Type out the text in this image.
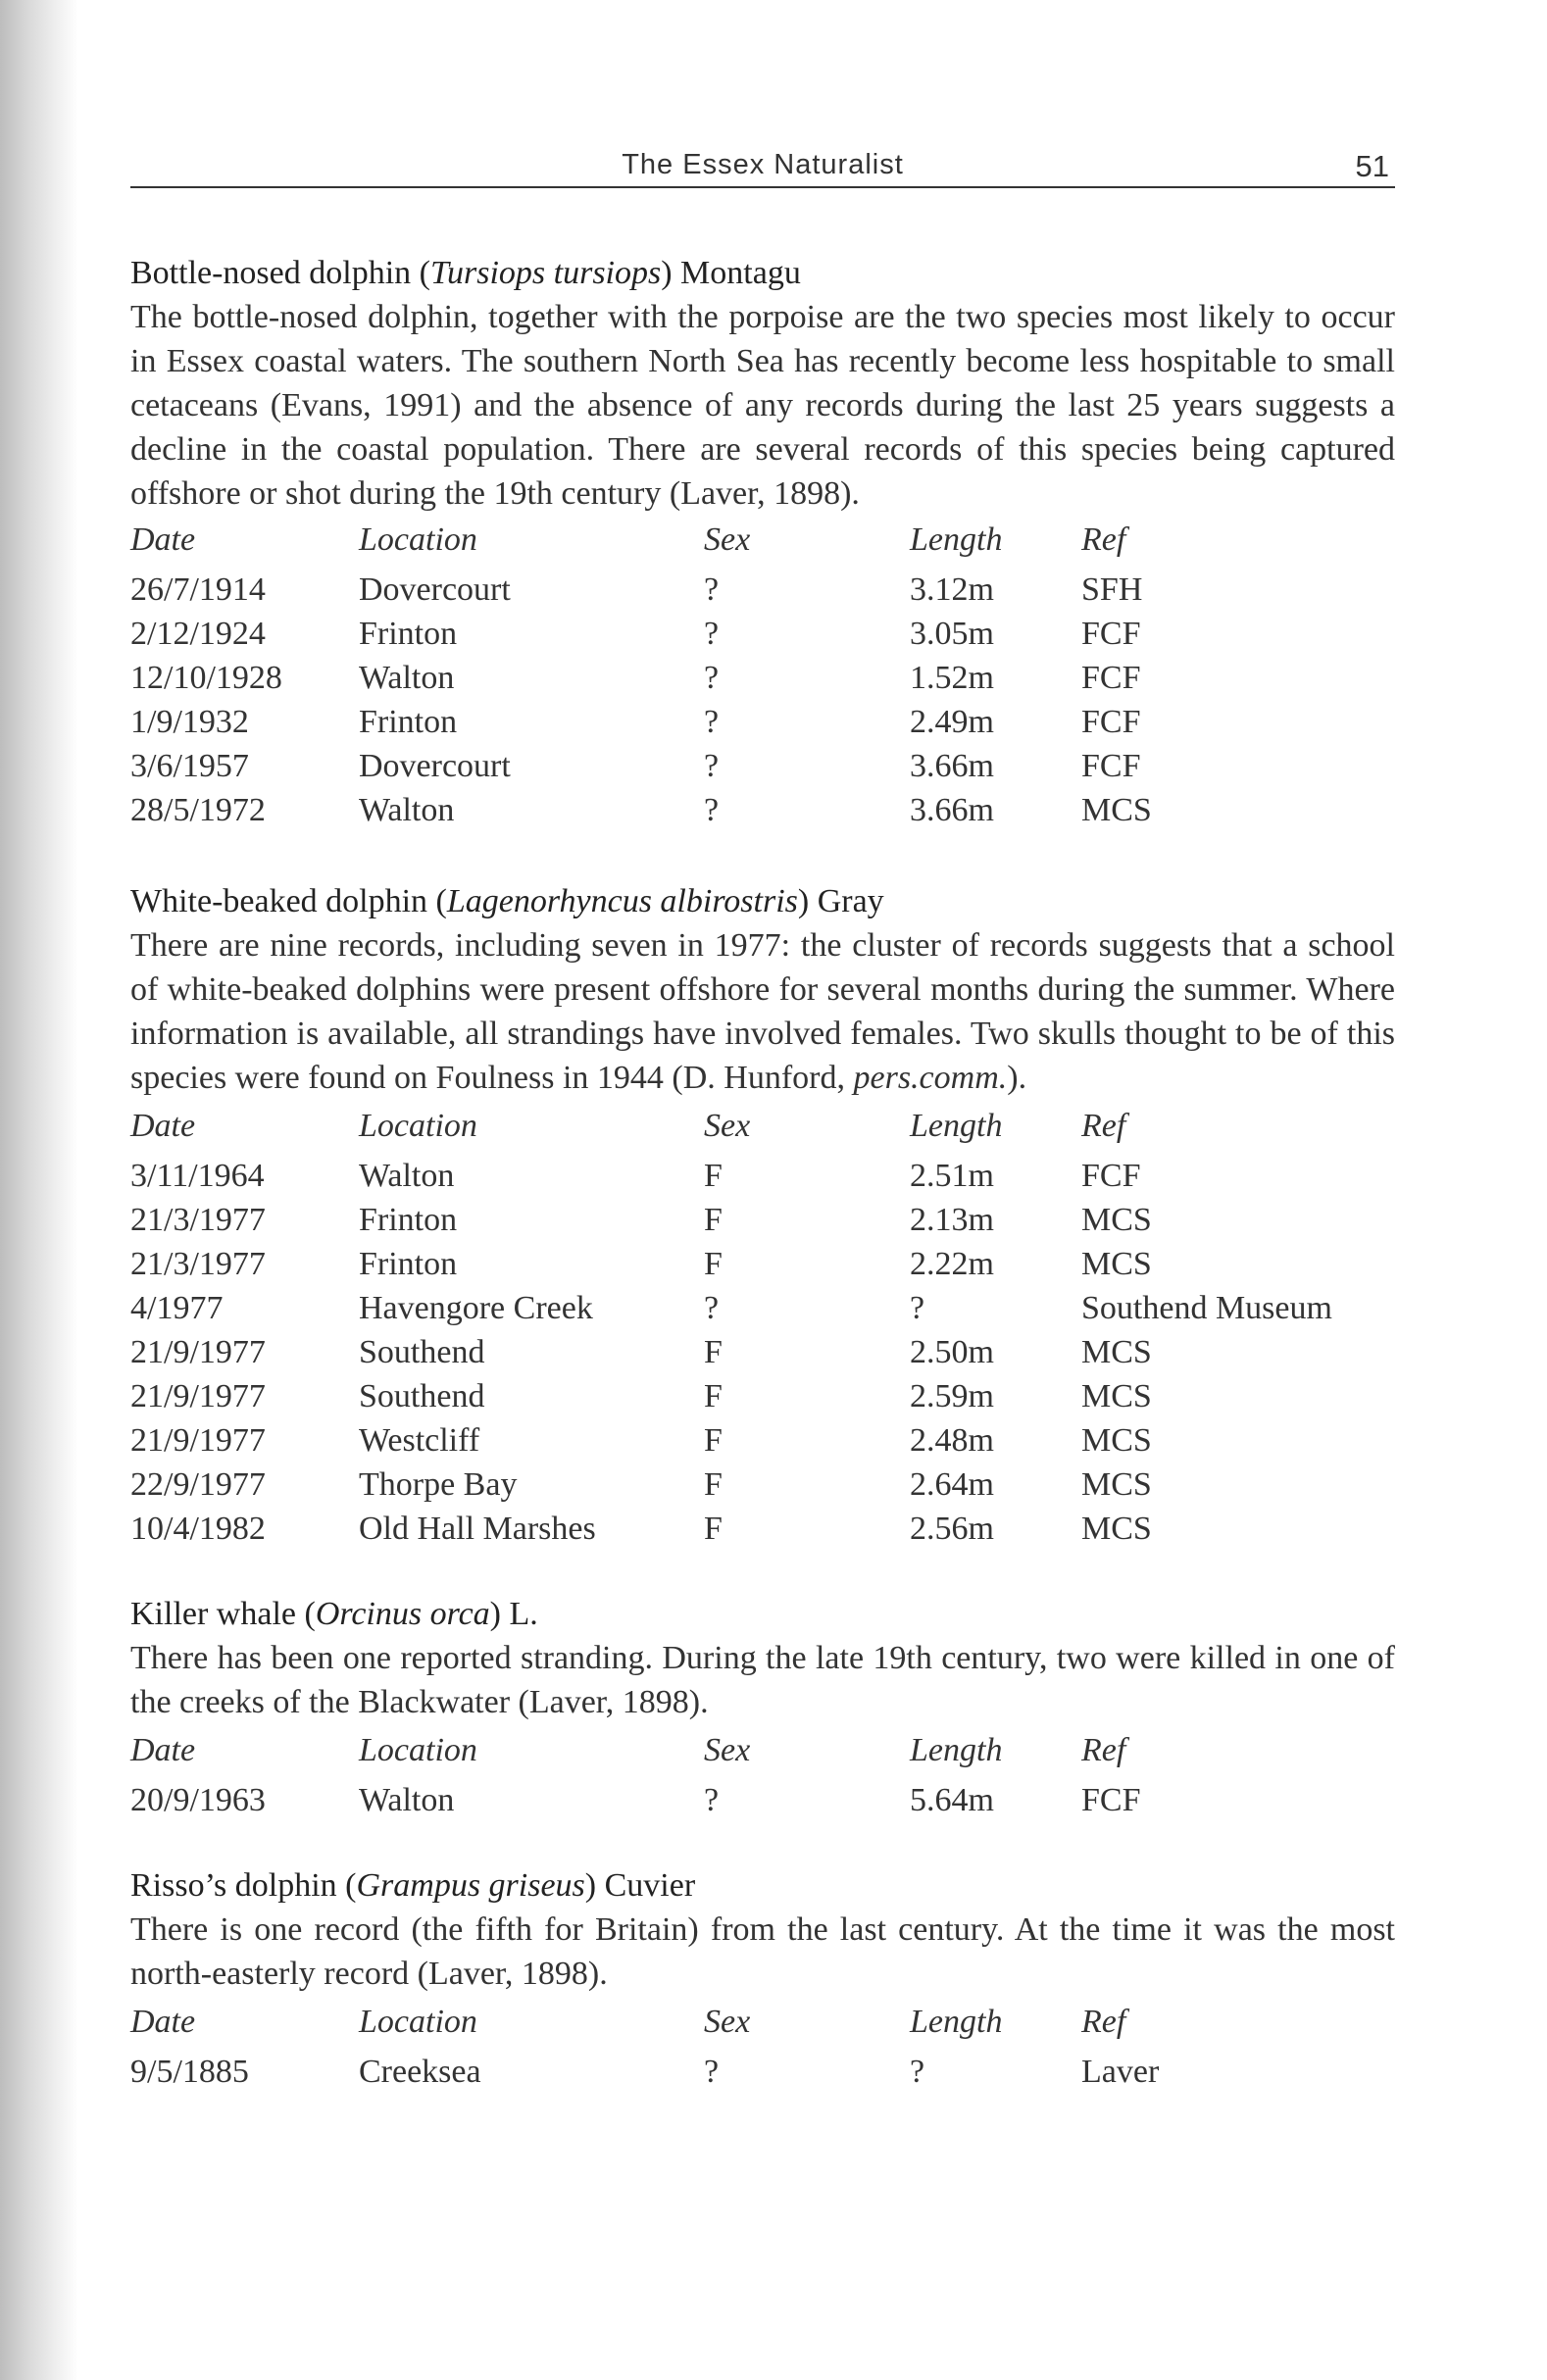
The Essex Naturalist	51
Bottle-nosed dolphin (Tursiops tursiops) Montagu

The bottle-nosed dolphin, together with the porpoise are the two species most likely to occur in Essex coastal waters. The southern North Sea has recently become less hospitable to small cetaceans (Evans, 1991) and the absence of any records during the last 25 years suggests a decline in the coastal population. There are several records of this species being captured offshore or shot during the 19th century (Laver, 1898).

Date	Location	Sex	Length	Ref
26/7/1914	Dovercourt	?	3.12m	SFH
2/12/1924	Frinton	?	3.05m	FCF
12/10/1928	Walton	?	1.52m	FCF
1/9/1932	Frinton	?	2.49m	FCF
3/6/1957	Dovercourt	?	3.66m	FCF
28/5/1972	Walton	?	3.66m	MCS
White-beaked dolphin (Lagenorhyncus albirostris) Gray

There are nine records, including seven in 1977: the cluster of records suggests that a school of white-beaked dolphins were present offshore for several months during the summer. Where information is available, all strandings have involved females. Two skulls thought to be of this species were found on Foulness in 1944 (D. Hunford, pers.comm.).

Date	Location	Sex	Length	Ref
3/11/1964	Walton	F	2.51m	FCF
21/3/1977	Frinton	F	2.13m	MCS
21/3/1977	Frinton	F	2.22m	MCS
4/1977	Havengore Creek	?	?	Southend Museum
21/9/1977	Southend	F	2.50m	MCS
21/9/1977	Southend	F	2.59m	MCS
21/9/1977	Westcliff	F	2.48m	MCS
22/9/1977	Thorpe Bay	F	2.64m	MCS
10/4/1982	Old Hall Marshes	F	2.56m	MCS
Killer whale (Orcinus orca) L.

There has been one reported stranding. During the late 19th century, two were killed in one of the creeks of the Blackwater (Laver, 1898).

Date	Location	Sex	Length	Ref
20/9/1963	Walton	?	5.64m	FCF
Risso’s dolphin (Grampus griseus) Cuvier

There is one record (the fifth for Britain) from the last century. At the time it was the most north-easterly record (Laver, 1898).

Date	Location	Sex	Length	Ref
9/5/1885	Creeksea	?	?	Laver
